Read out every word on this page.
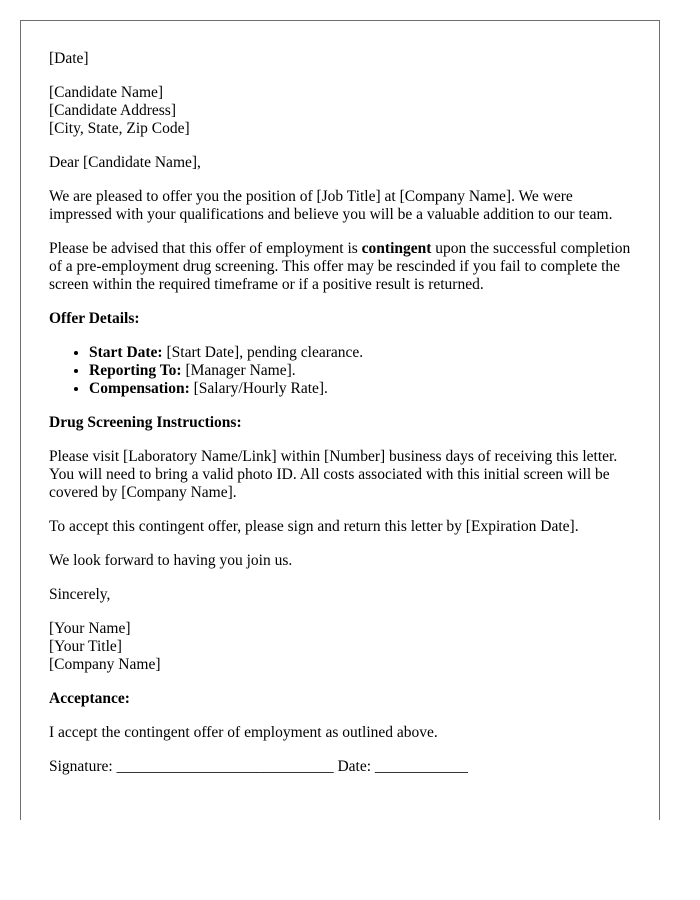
[Date]

[Candidate Name]

[Candidate Address]

[City, State, Zip Code]

Dear [Candidate Name],

We are pleased to offer you the position of [Job Title] at [Company Name]. We were impressed with your qualifications and believe you will be a valuable addition to our team.

Please be advised that this offer of employment is contingent upon the successful completion of a pre-employment drug screening. This offer may be rescinded if you fail to complete the screen within the required timeframe or if a positive result is returned.

Offer Details:

• Start Date: [Start Date], pending clearance.
• Reporting To: [Manager Name].
• Compensation: [Salary/Hourly Rate].

Drug Screening Instructions:

Please visit [Laboratory Name/Link] within [Number] business days of receiving this letter. You will need to bring a valid photo ID. All costs associated with this initial screen will be covered by [Company Name].

To accept this contingent offer, please sign and return this letter by [Expiration Date].

We look forward to having you join us.

Sincerely,

[Your Name]

[Your Title]

[Company Name]

Acceptance:

I accept the contingent offer of employment as outlined above.

Signature: ____________________________ Date: ____________
